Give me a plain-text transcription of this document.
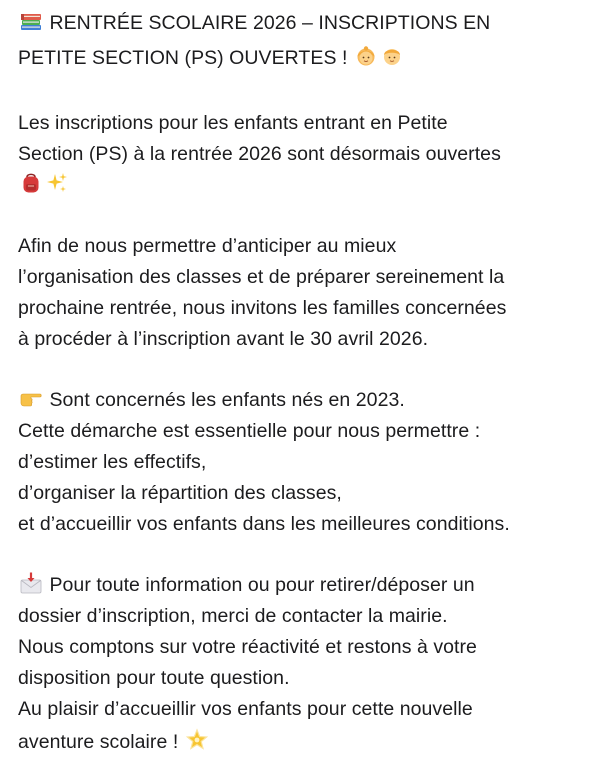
RENTRÉE SCOLAIRE 2026 – INSCRIPTIONS EN
PETITE SECTION (PS) OUVERTES !
Les inscriptions pour les enfants entrant en Petite
Section (PS) à la rentrée 2026 sont désormais ouvertes
Afin de nous permettre d’anticiper au mieux
l’organisation des classes et de préparer sereinement la
prochaine rentrée, nous invitons les familles concernées
à procéder à l’inscription avant le 30 avril 2026.
Sont concernés les enfants nés en 2023.
Cette démarche est essentielle pour nous permettre :
d’estimer les effectifs,
d’organiser la répartition des classes,
et d’accueillir vos enfants dans les meilleures conditions.
Pour toute information ou pour retirer/déposer un
dossier d’inscription, merci de contacter la mairie.
Nous comptons sur votre réactivité et restons à votre
disposition pour toute question.
Au plaisir d’accueillir vos enfants pour cette nouvelle
aventure scolaire !
